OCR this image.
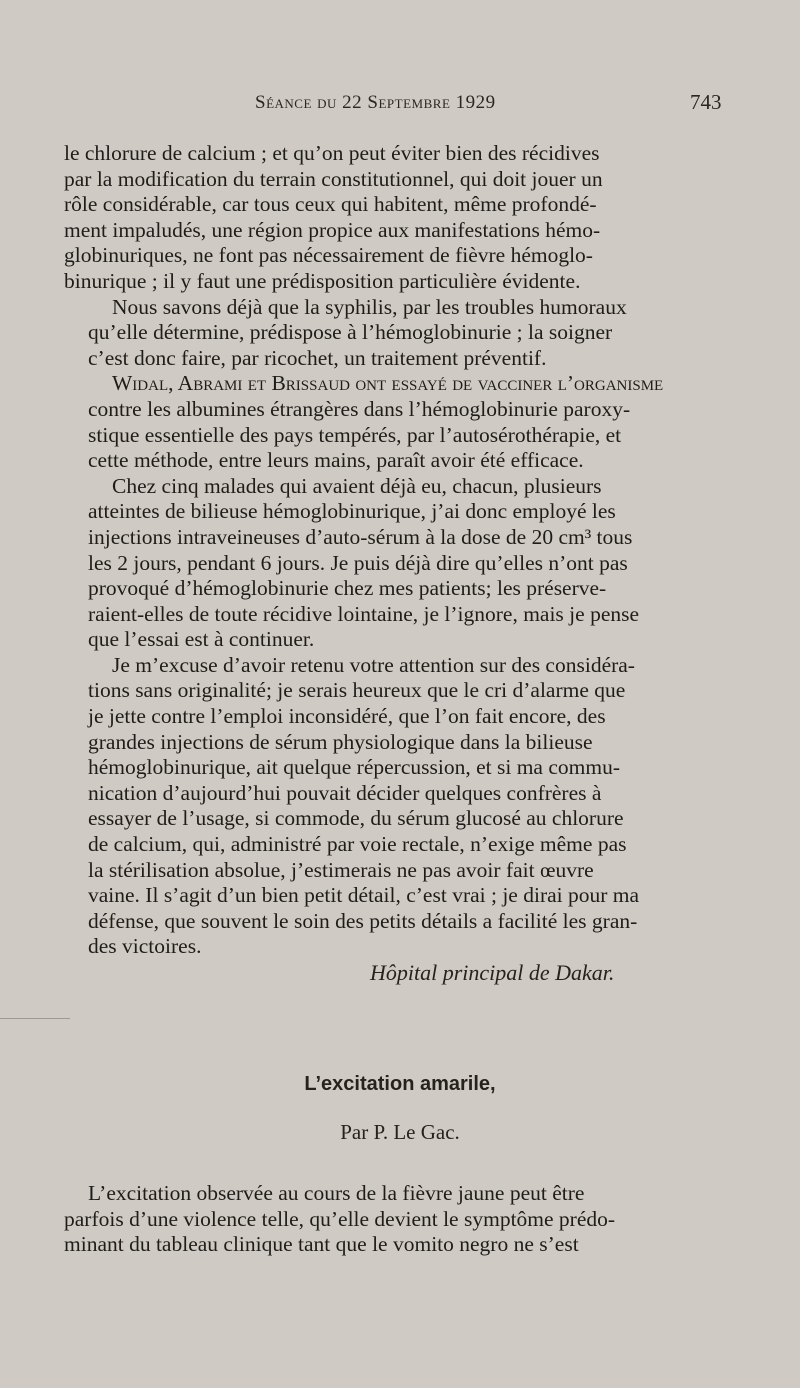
Séance du 22 Septembre 1929	743

le chlorure de calcium ; et qu’on peut éviter bien des récidives
par la modification du terrain constitutionnel, qui doit jouer un
rôle considérable, car tous ceux qui habitent, même profondé-
ment impaludés, une région propice aux manifestations hémo-
globinuriques, ne font pas nécessairement de fièvre hémoglo-
binurique ; il y faut une prédisposition particulière évidente.

Nous savons déjà que la syphilis, par les troubles humoraux
qu’elle détermine, prédispose à l’hémoglobinurie ; la soigner
c’est donc faire, par ricochet, un traitement préventif.

Widal, Abrami et Brissaud ont essayé de vacciner l’organisme
contre les albumines étrangères dans l’hémoglobinurie paroxy-
stique essentielle des pays tempérés, par l’autosérothérapie, et
cette méthode, entre leurs mains, paraît avoir été efficace.

Chez cinq malades qui avaient déjà eu, chacun, plusieurs
atteintes de bilieuse hémoglobinurique, j’ai donc employé les
injections intraveineuses d’auto-sérum à la dose de 20 cm³ tous
les 2 jours, pendant 6 jours. Je puis déjà dire qu’elles n’ont pas
provoqué d’hémoglobinurie chez mes patients; les préserve-
raient-elles de toute récidive lointaine, je l’ignore, mais je pense
que l’essai est à continuer.

Je m’excuse d’avoir retenu votre attention sur des considéra-
tions sans originalité; je serais heureux que le cri d’alarme que
je jette contre l’emploi inconsidéré, que l’on fait encore, des
grandes injections de sérum physiologique dans la bilieuse
hémoglobinurique, ait quelque répercussion, et si ma commu-
nication d’aujourd’hui pouvait décider quelques confrères à
essayer de l’usage, si commode, du sérum glucosé au chlorure
de calcium, qui, administré par voie rectale, n’exige même pas
la stérilisation absolue, j’estimerais ne pas avoir fait œuvre
vaine. Il s’agit d’un bien petit détail, c’est vrai ; je dirai pour ma
défense, que souvent le soin des petits détails a facilité les gran-
des victoires.

Hôpital principal de Dakar.
L’excitation amarile,
Par P. Le Gac.
L’excitation observée au cours de la fièvre jaune peut être
parfois d’une violence telle, qu’elle devient le symptôme prédo-
minant du tableau clinique tant que le vomito negro ne s’est
